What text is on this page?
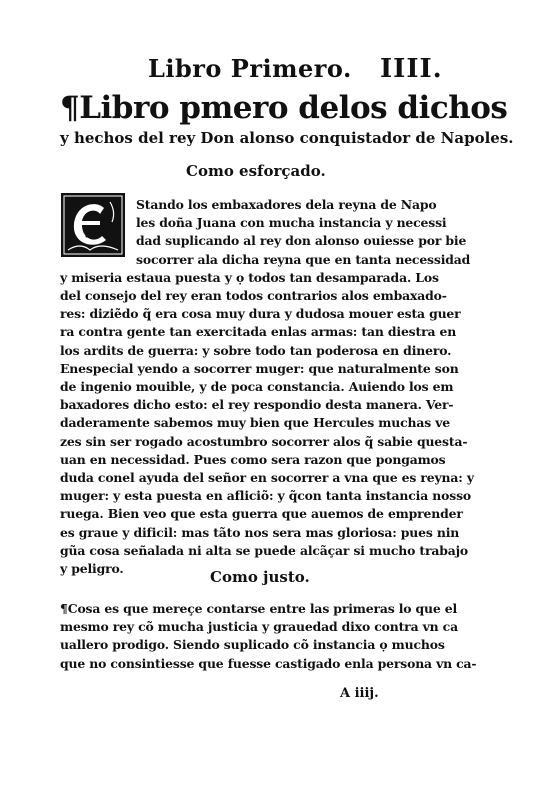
Libro Primero. IIII.
¶Libro pmero delos dichos
y hechos del rey Don alonso conquistador de Napoles.
Como esforçado.
Stando los embaxadores dela reyna de Napo
les doña Juana con mucha instancia y necessi
dad suplicando al rey don alonso ouiesse por bie
socorrer ala dicha reyna que en tanta necessidad
y miseria estaua puesta y ọ todos tan desamparada. Los
del consejo del rey eran todos contrarios alos embaxado-
res: diziẽdo q̃ era cosa muy dura y dudosa mouer esta guer
ra contra gente tan exercitada enlas armas: tan diestra en
los ardits de guerra: y sobre todo tan poderosa en dinero.
Enespecial yendo a socorrer muger: que naturalmente son
de ingenio mouible, y de poca constancia. Auiendo los em
baxadores dicho esto: el rey respondio desta manera. Ver-
daderamente sabemos muy bien que Hercules muchas ve
zes sin ser rogado acostumbro socorrer alos q̃ sabie questa-
uan en necessidad. Pues como sera razon que pongamos
duda conel ayuda del señor en socorrer a vna que es reyna: y
muger: y esta puesta en afliciõ: y q̃con tanta instancia nosso
ruega. Bien veo que esta guerra que auemos de emprender
es graue y dificil: mas tãto nos sera mas gloriosa: pues nin
gũa cosa señalada ni alta se puede alcãçar si mucho trabajo
y peligro.	Como justo.
¶Cosa es que mereçe contarse entre las primeras lo que el
mesmo rey cõ mucha justicia y grauedad dixo contra vn ca
uallero prodigo. Siendo suplicado cõ instancia ọ muchos
que no consintiesse que fuesse castigado enla persona vn ca-
A iiij.
